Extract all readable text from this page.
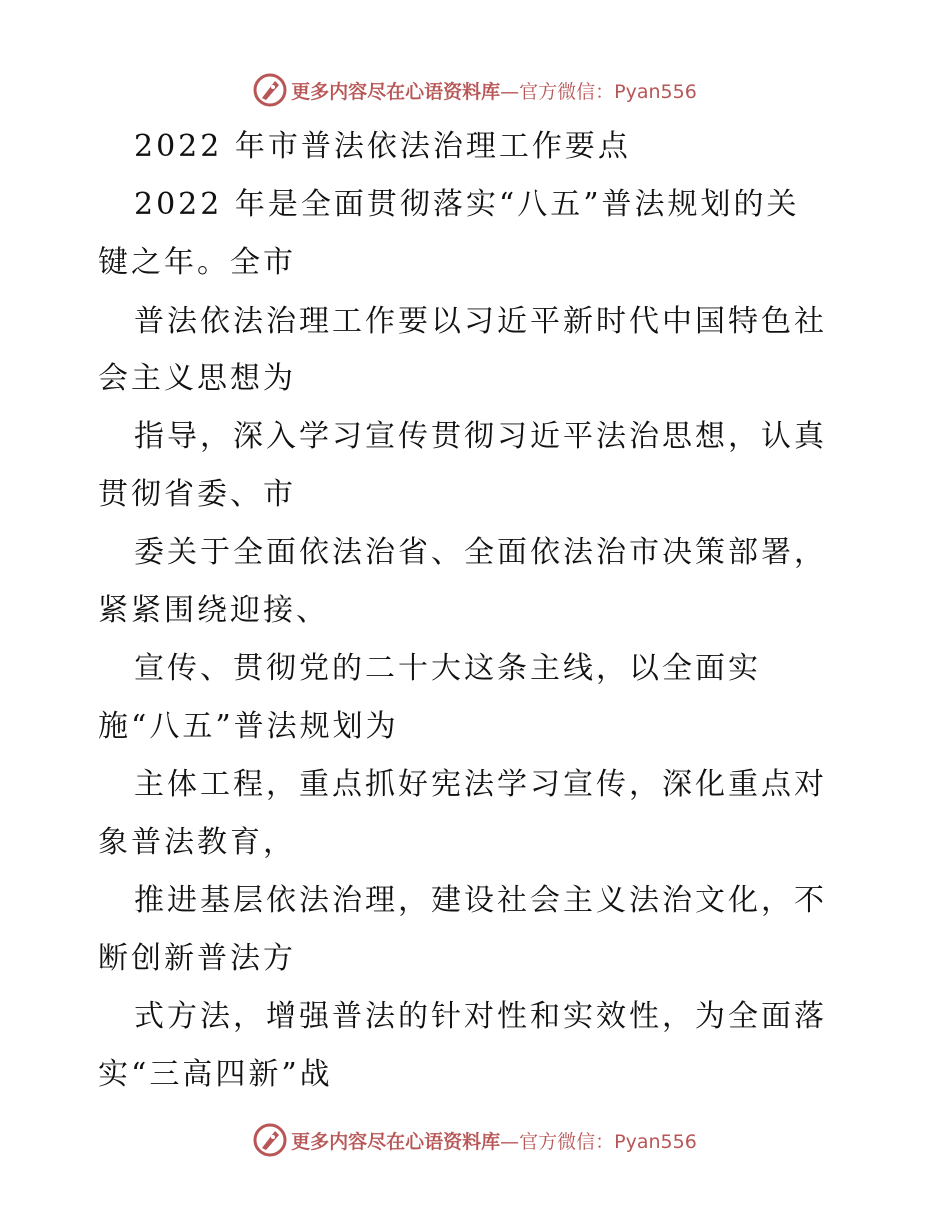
更多内容尽在心语资料库—官方微信：Pyan556
2022 年市普法依法治理工作要点
2022 年是全面贯彻落实“八五”普法规划的关
键之年。全市
普法依法治理工作要以习近平新时代中国特色社
会主义思想为
指导，深入学习宣传贯彻习近平法治思想，认真
贯彻省委、市
委关于全面依法治省、全面依法治市决策部署，
紧紧围绕迎接、
宣传、贯彻党的二十大这条主线，以全面实
施“八五”普法规划为
主体工程，重点抓好宪法学习宣传，深化重点对
象普法教育，
推进基层依法治理，建设社会主义法治文化，不
断创新普法方
式方法，增强普法的针对性和实效性，为全面落
实“三高四新”战
更多内容尽在心语资料库—官方微信：Pyan556
